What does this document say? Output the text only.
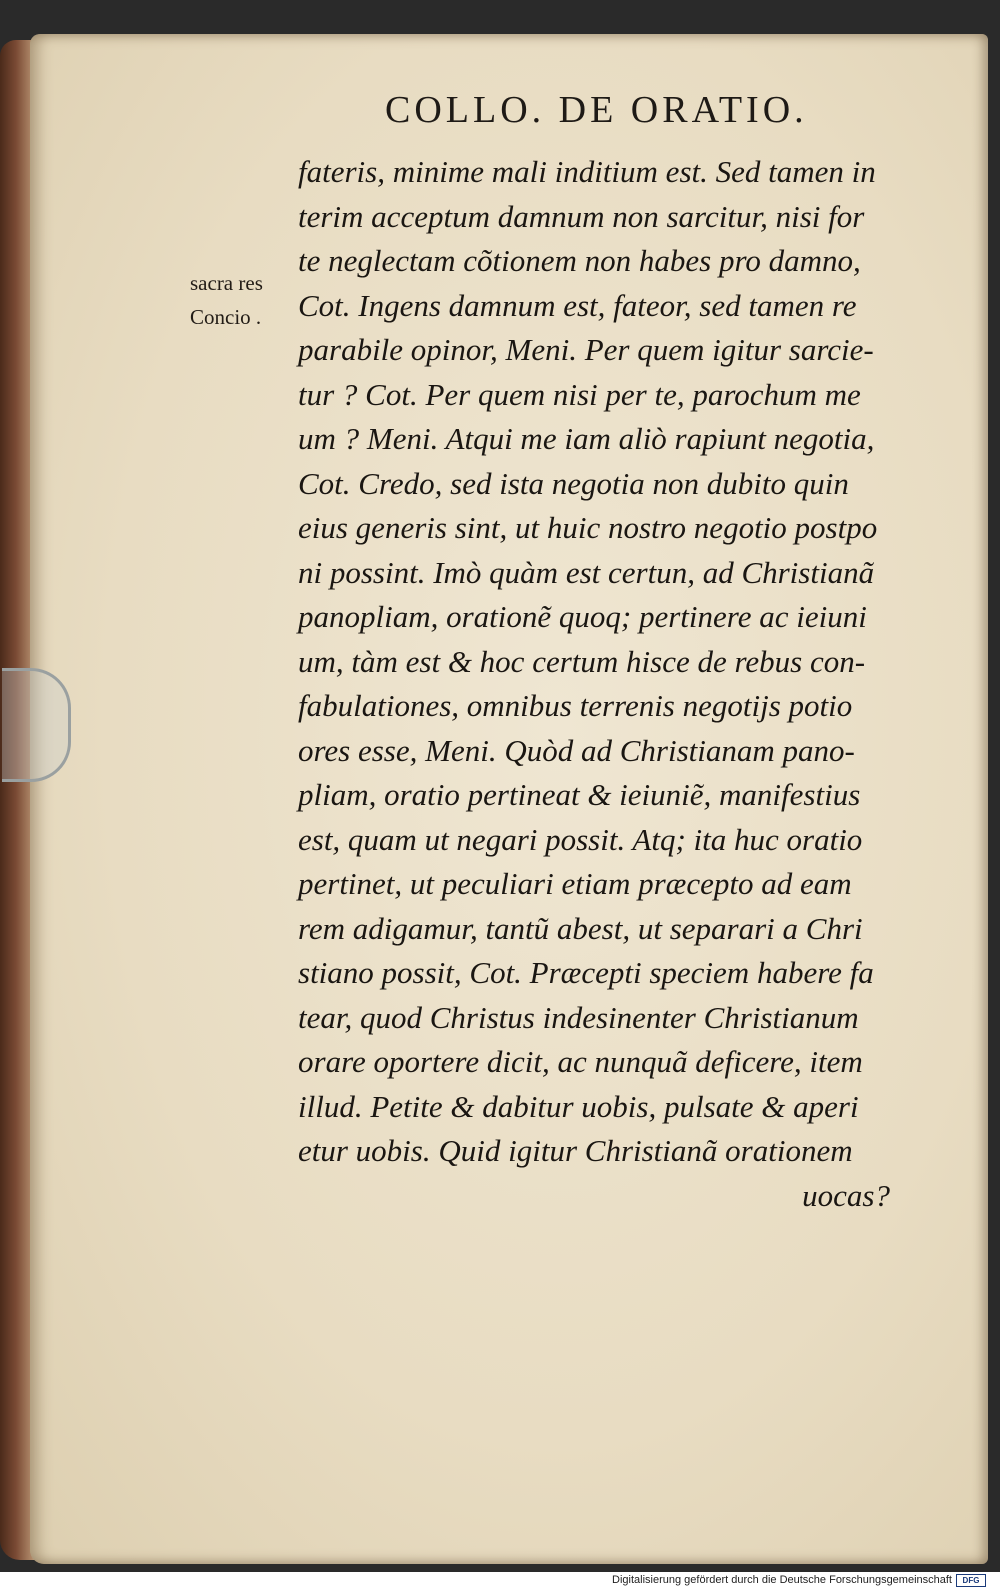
COLLO. DE ORATIO.
sacra res
Concio .
fateris, minime mali inditium est. Sed tamen in
terim acceptum damnum non sarcitur, nisi for
te neglectam cõtionem non habes pro damno,
Cot. Ingens damnum est, fateor, sed tamen re
parabile opinor, Meni. Per quem igitur sarcie-
tur ? Cot. Per quem nisi per te, parochum me
um ? Meni. Atqui me iam aliò rapiunt negotia,
Cot. Credo, sed ista negotia non dubito quin
eius generis sint, ut huic nostro negotio postpo
ni possint. Imò quàm est certun, ad Christianã
panopliam, orationẽ quoq; pertinere ac ieiuni
um, tàm est & hoc certum hisce de rebus con-
fabulationes, omnibus terrenis negotijs potio
ores esse, Meni. Quòd ad Christianam pano-
pliam, oratio pertineat & ieiuniẽ, manifestius
est, quam ut negari possit. Atq; ita huc oratio
pertinet, ut peculiari etiam præcepto ad eam
rem adigamur, tantũ abest, ut separari a Chri
stiano possit, Cot. Præcepti speciem habere fa
tear, quod Christus indesinenter Christianum
orare oportere dicit, ac nunquã deficere, item
illud. Petite & dabitur uobis, pulsate & aperi
etur uobis. Quid igitur Christianã orationem
uocas?
Digitalisierung gefördert durch die Deutsche Forschungsgemeinschaft	DFG
